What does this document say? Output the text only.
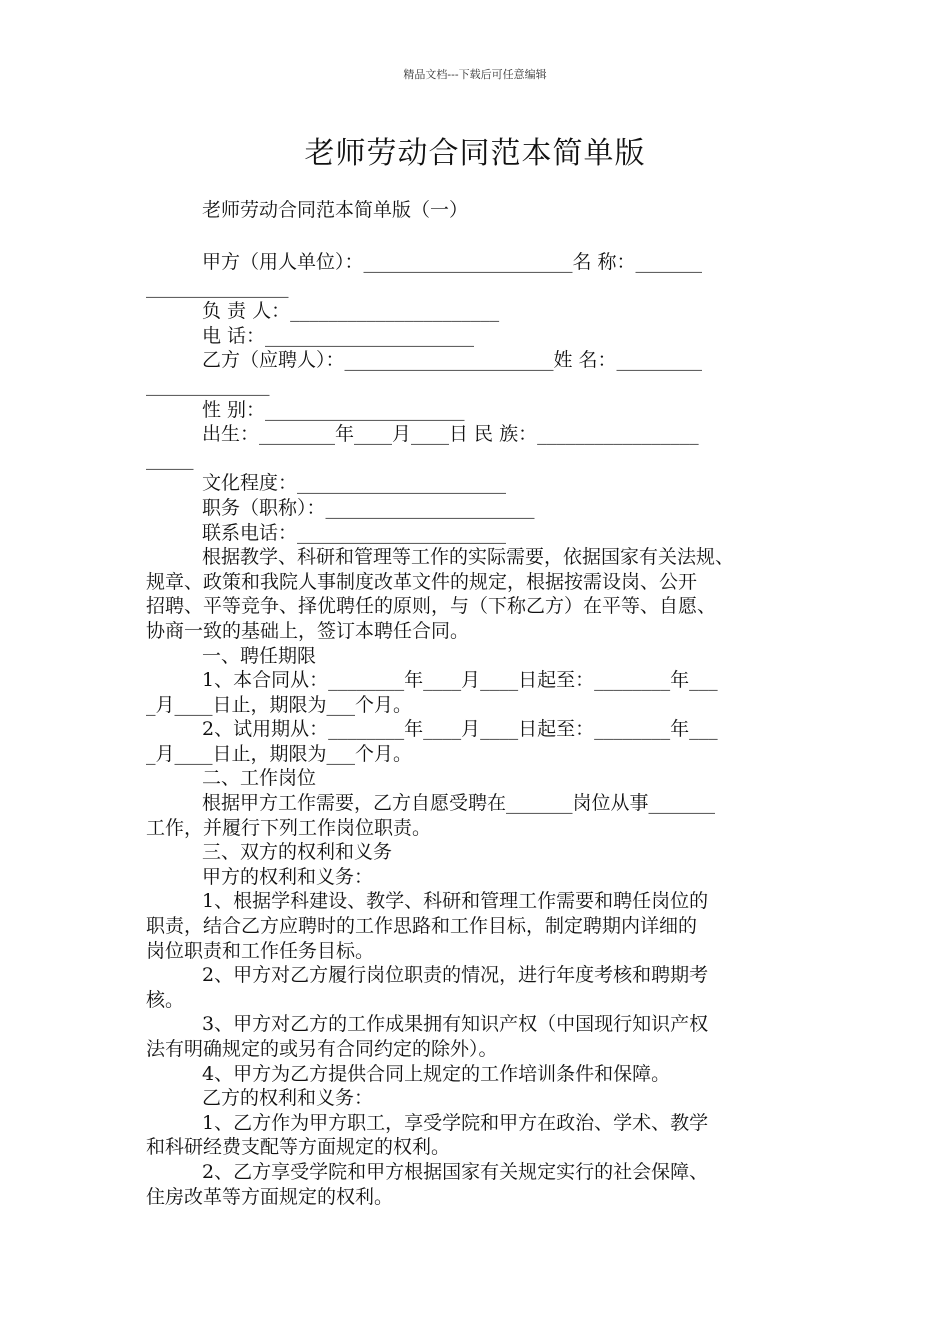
精品文档---下载后可任意编辑
老师劳动合同范本简单版
老师劳动合同范本简单版（一）
甲方（用人单位）：______________________名 称：_______
_______________
负 责 人：______________________
电 话：______________________
乙方（应聘人）：______________________姓 名：_________
_____________
性 别：_____________________
出生：________年____月____日 民 族：_________________
_____
文化程度：______________________
职务（职称）：______________________
联系电话：______________________
根据教学、科研和管理等工作的实际需要，依据国家有关法规、
规章、政策和我院人事制度改革文件的规定，根据按需设岗、公开
招聘、平等竞争、择优聘任的原则，与（下称乙方）在平等、自愿、
协商一致的基础上，签订本聘任合同。
一、聘任期限
1、本合同从：________年____月____日起至：________年___
_月____日止，期限为___个月。
2、试用期从：________年____月____日起至：________年___
_月____日止，期限为___个月。
二、工作岗位
根据甲方工作需要，乙方自愿受聘在_______岗位从事_______
工作，并履行下列工作岗位职责。
三、双方的权利和义务
甲方的权利和义务：
1、根据学科建设、教学、科研和管理工作需要和聘任岗位的
职责，结合乙方应聘时的工作思路和工作目标，制定聘期内详细的
岗位职责和工作任务目标。
2、甲方对乙方履行岗位职责的情况，进行年度考核和聘期考
核。
3、甲方对乙方的工作成果拥有知识产权（中国现行知识产权
法有明确规定的或另有合同约定的除外）。
4、甲方为乙方提供合同上规定的工作培训条件和保障。
乙方的权利和义务：
1、乙方作为甲方职工，享受学院和甲方在政治、学术、教学
和科研经费支配等方面规定的权利。
2、乙方享受学院和甲方根据国家有关规定实行的社会保障、
住房改革等方面规定的权利。
